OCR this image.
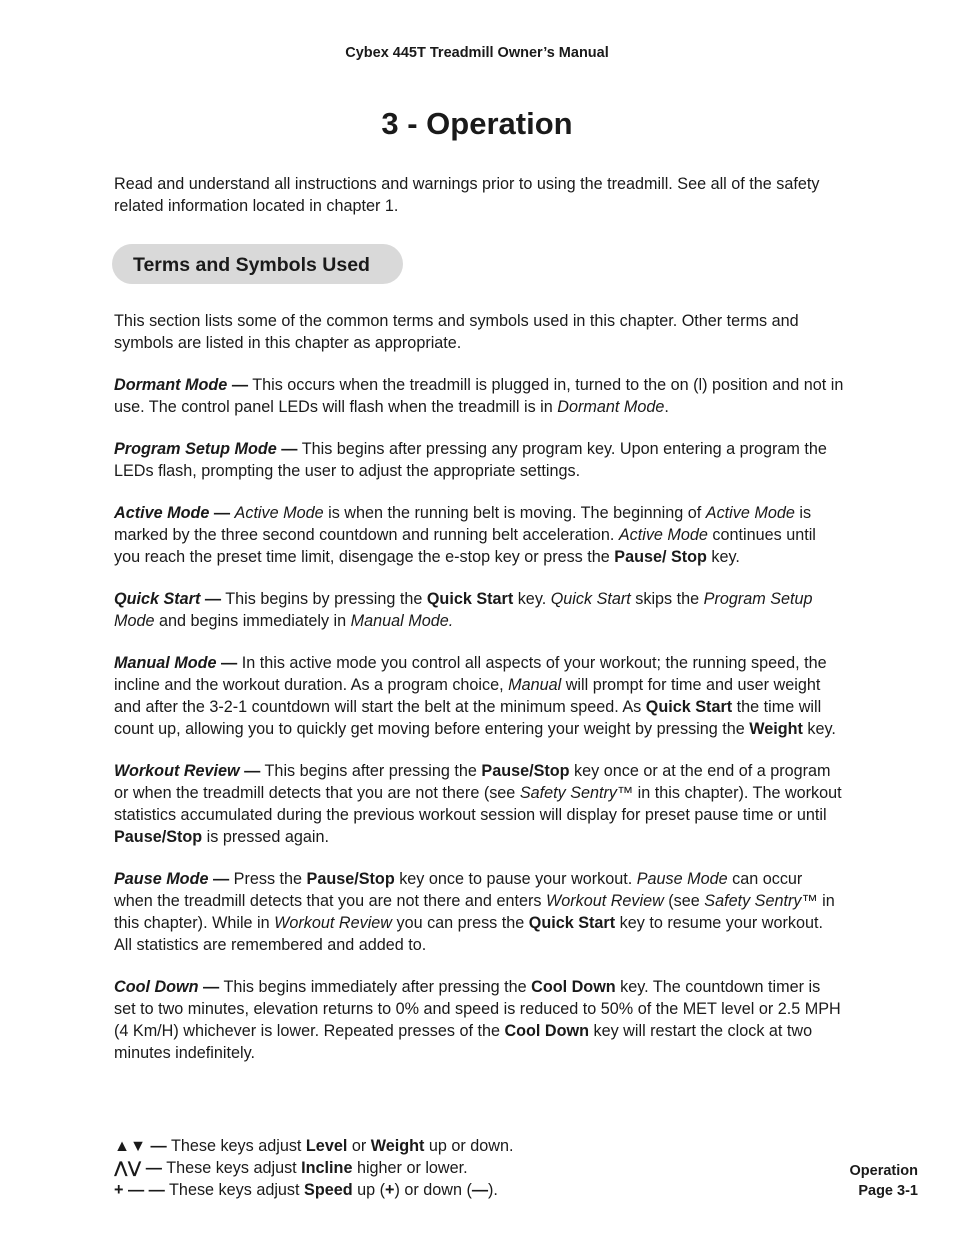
Cybex 445T Treadmill Owner’s Manual
3 - Operation
Read and understand all instructions and warnings prior to using the treadmill. See all of the safety related information located in chapter 1.
Terms and Symbols Used

This section lists some of the common terms and symbols used in this chapter. Other terms and symbols are listed in this chapter as appropriate.

Dormant Mode — This occurs when the treadmill is plugged in, turned to the on (l) position and not in use. The control panel LEDs will flash when the treadmill is in Dormant Mode.

Program Setup Mode — This begins after pressing any program key. Upon entering a program the LEDs flash, prompting the user to adjust the appropriate settings.

Active Mode — Active Mode is when the running belt is moving. The beginning of Active Mode is marked by the three second countdown and running belt acceleration. Active Mode continues until you reach the preset time limit, disengage the e-stop key or press the Pause/ Stop key.

Quick Start — This begins by pressing the Quick Start key. Quick Start skips the Program Setup Mode and begins immediately in Manual Mode.

Manual Mode — In this active mode you control all aspects of your workout; the running speed, the incline and the workout duration. As a program choice, Manual will prompt for time and user weight and after the 3-2-1 countdown will start the belt at the minimum speed. As Quick Start the time will count up, allowing you to quickly get moving before entering your weight by pressing the Weight key.

Workout Review — This begins after pressing the Pause/Stop key once or at the end of a program or when the treadmill detects that you are not there (see Safety Sentry™ in this chapter). The workout statistics accumulated during the previous workout session will display for preset pause time or until Pause/Stop is pressed again.

Pause Mode — Press the Pause/Stop key once to pause your workout. Pause Mode can occur when the treadmill detects that you are not there and enters Workout Review (see Safety Sentry™ in this chapter). While in Workout Review you can press the Quick Start key to resume your workout. All statistics are remembered and added to.

Cool Down — This begins immediately after pressing the Cool Down key. The countdown timer is set to two minutes, elevation returns to 0% and speed is reduced to 50% of the MET level or 2.5 MPH (4 Km/H) whichever is lower. Repeated presses of the Cool Down key will restart the clock at two minutes indefinitely.

▲▼ — These keys adjust Level or Weight up or down.
⋀⋁ — These keys adjust Incline higher or lower.
+ — — These keys adjust Speed up (+) or down (—).
Operation
Page 3-1
